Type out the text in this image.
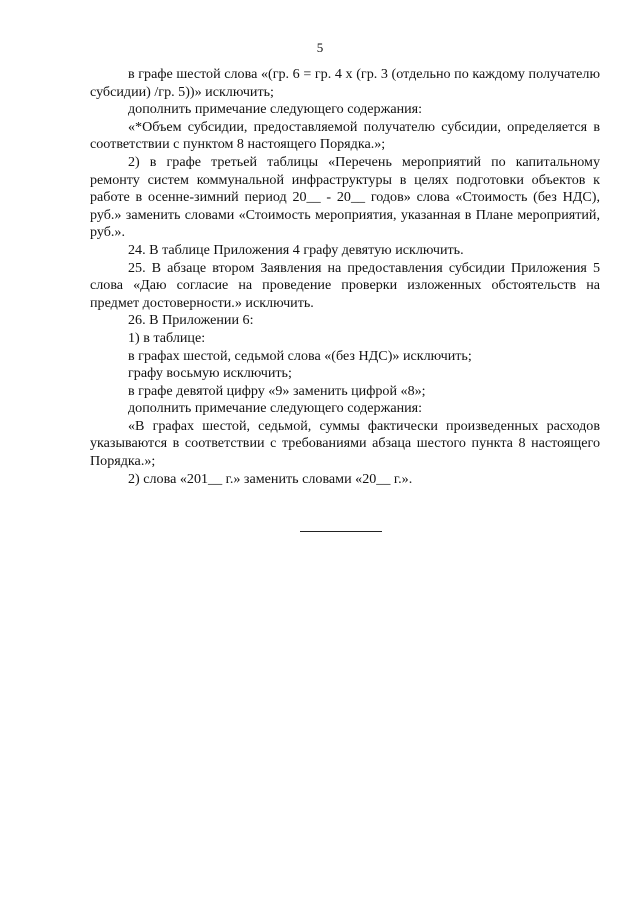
5

в графе шестой слова «(гр. 6 = гр. 4 х (гр. 3 (отдельно по каждому получателю субсидии) /гр. 5))» исключить;

дополнить примечание следующего содержания:

«*Объем субсидии, предоставляемой получателю субсидии, определяется в соответствии с пунктом 8 настоящего Порядка.»;

2) в графе третьей таблицы «Перечень мероприятий по капитальному ремонту систем коммунальной инфраструктуры в целях подготовки объектов к работе в осенне-зимний период 20__ - 20__ годов» слова «Стоимость (без НДС), руб.» заменить словами «Стоимость мероприятия, указанная в Плане мероприятий, руб.».

24. В таблице Приложения 4 графу девятую исключить.

25. В абзаце втором Заявления на предоставления субсидии Приложения 5 слова «Даю согласие на проведение проверки изложенных обстоятельств на предмет достоверности.» исключить.

26. В Приложении 6:

1) в таблице:

в графах шестой, седьмой слова «(без НДС)» исключить;

графу восьмую исключить;

в графе девятой цифру «9» заменить цифрой «8»;

дополнить примечание следующего содержания:

«В графах шестой, седьмой, суммы фактически произведенных расходов указываются в соответствии с требованиями абзаца шестого пункта 8 настоящего Порядка.»;

2) слова «201__ г.» заменить словами «20__ г.».
